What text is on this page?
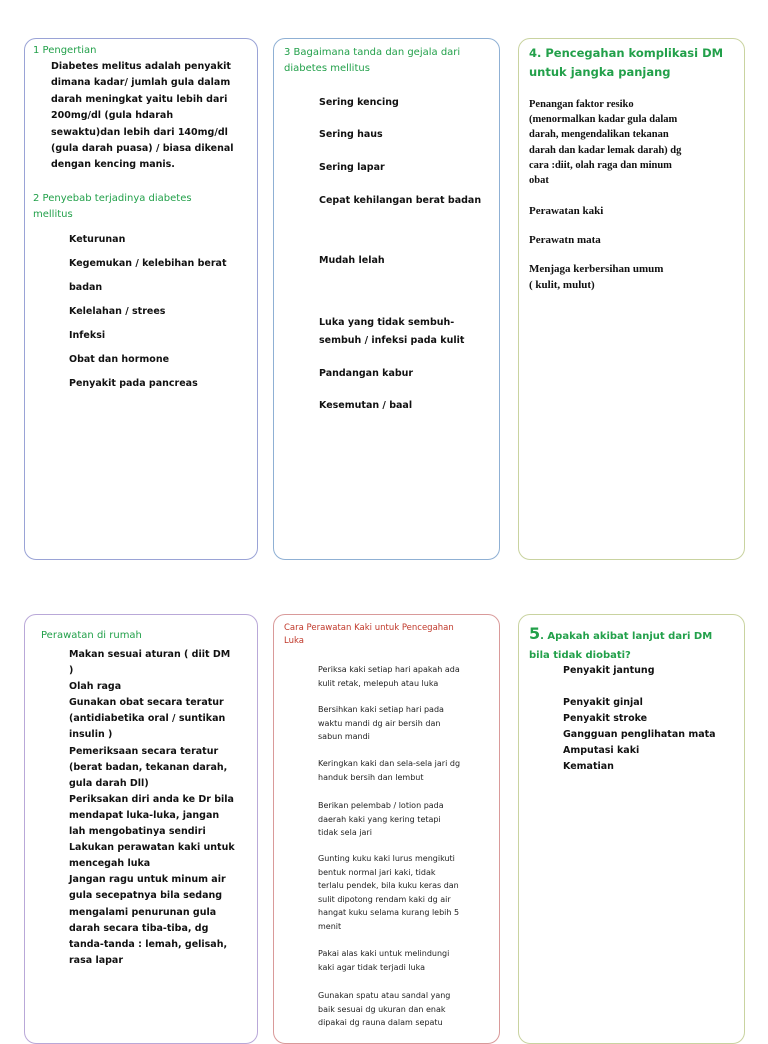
1 Pengertian
Diabetes melitus adalah penyakit
dimana kadar/ jumlah gula dalam
darah meningkat yaitu lebih dari
200mg/dl (gula hdarah
sewaktu)dan lebih dari 140mg/dl
(gula darah puasa) / biasa dikenal
dengan kencing manis.
2 Penyebab terjadinya diabetes
mellitus
Keturunan
Kegemukan / kelebihan berat
badan
Kelelahan / strees
Infeksi
Obat dan hormone
Penyakit pada pancreas
3 Bagaimana tanda dan gejala dari
diabetes mellitus
Sering kencing
Sering haus
Sering lapar
Cepat kehilangan berat badan
Mudah lelah
Luka yang tidak sembuh-
sembuh / infeksi pada kulit
Pandangan kabur
Kesemutan / baal
4. Pencegahan komplikasi DM
untuk jangka panjang
Penangan faktor resiko
(menormalkan kadar gula dalam
darah, mengendalikan tekanan
darah dan kadar lemak darah) dg
cara :diit, olah raga dan minum
obat
Perawatan kaki
Perawatn mata
Menjaga kerbersihan umum
( kulit, mulut)
Perawatan di rumah
Makan sesuai aturan ( diit DM
)
Olah raga
Gunakan obat secara teratur
(antidiabetika oral / suntikan
insulin )
Pemeriksaan secara teratur
(berat badan, tekanan darah,
gula darah Dll)
Periksakan diri anda ke Dr bila
mendapat luka-luka, jangan
lah mengobatinya sendiri
Lakukan perawatan kaki untuk
mencegah luka
Jangan ragu untuk minum air
gula secepatnya bila sedang
mengalami penurunan gula
darah secara tiba-tiba, dg
tanda-tanda : lemah, gelisah,
rasa lapar
Cara Perawatan Kaki untuk Pencegahan
Luka
Periksa kaki setiap hari apakah ada
kulit retak, melepuh atau luka
Bersihkan kaki setiap hari pada
waktu mandi dg air bersih dan
sabun mandi
Keringkan kaki dan sela-sela jari dg
handuk bersih dan lembut
Berikan pelembab / lotion pada
daerah kaki yang kering tetapi
tidak sela jari
Gunting kuku kaki lurus mengikuti
bentuk normal jari kaki, tidak
terlalu pendek, bila kuku keras dan
sulit dipotong rendam kaki dg air
hangat kuku selama kurang lebih 5
menit
Pakai alas kaki untuk melindungi
kaki agar tidak terjadi luka
Gunakan spatu atau sandal yang
baik sesuai dg ukuran dan enak
dipakai dg rauna dalam sepatu
5. Apakah akibat lanjut dari DM
bila tidak diobati?
Penyakit jantung
Penyakit ginjal
Penyakit stroke
Gangguan penglihatan mata
Amputasi kaki
Kematian
